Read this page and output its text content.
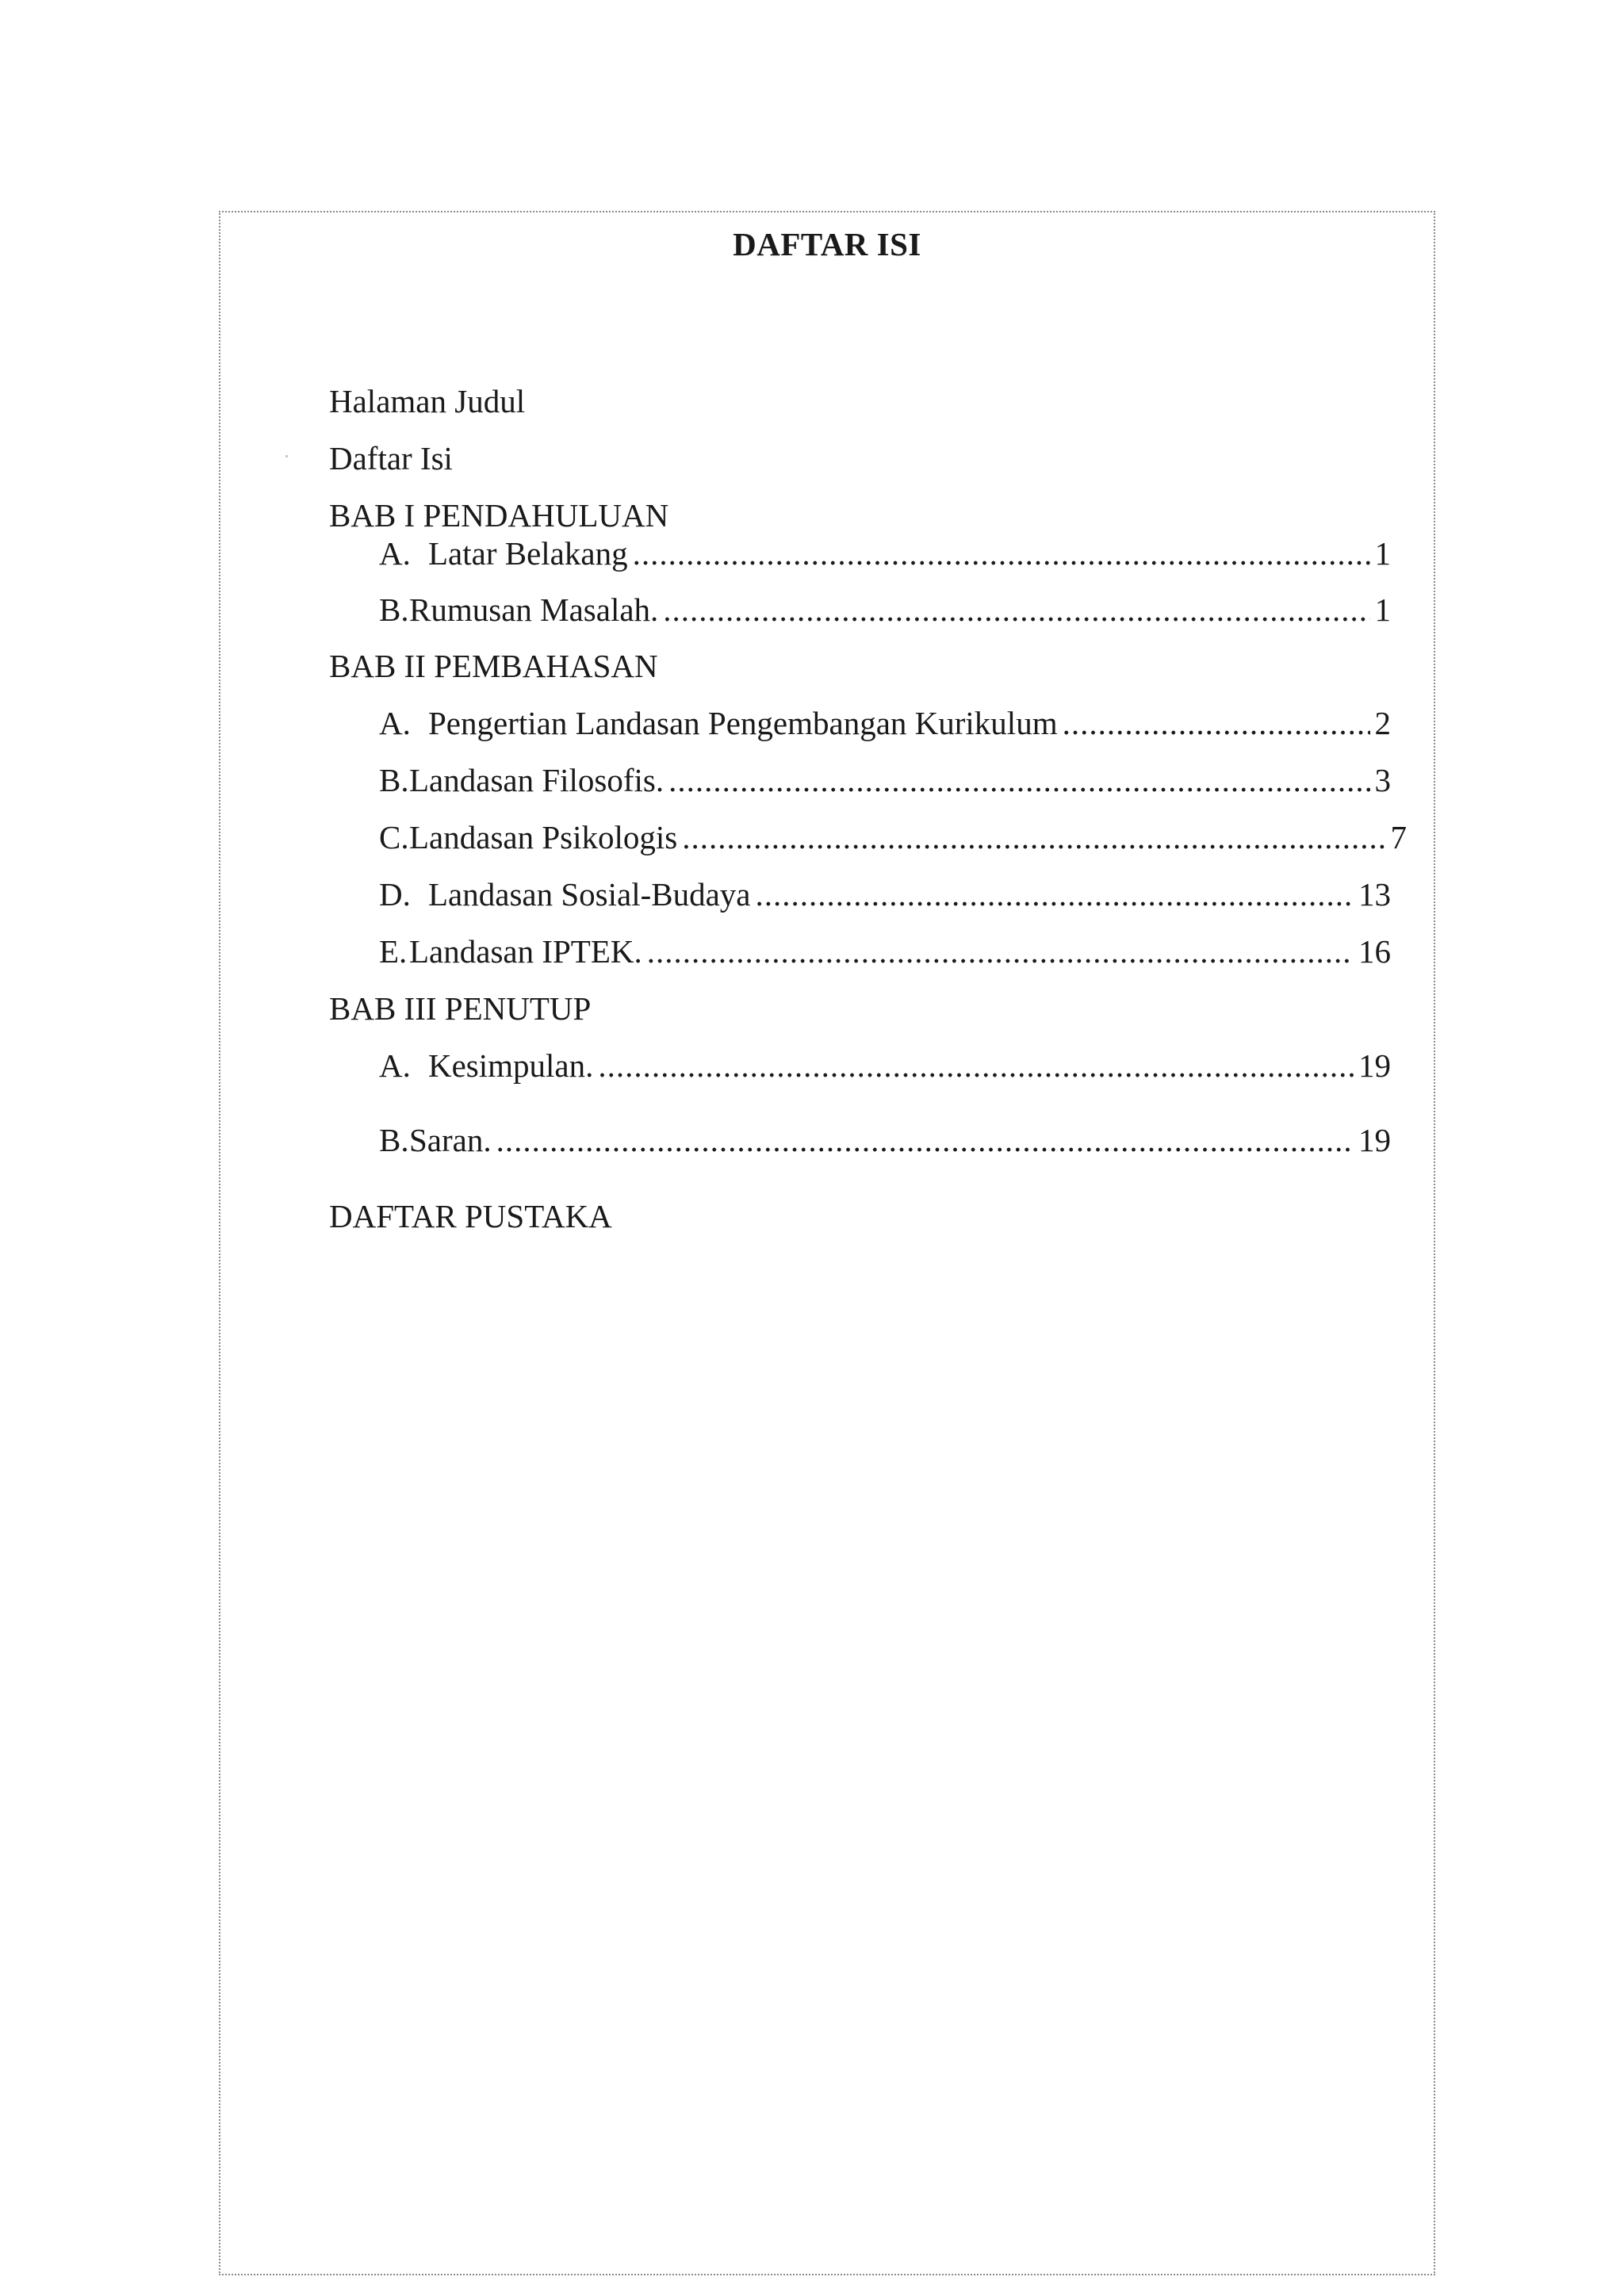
DAFTAR ISI
Halaman Judul
Daftar Isi
BAB I PENDAHULUAN
A. Latar Belakang .....	1
B. Rumusan Masalah. .....	1
BAB II PEMBAHASAN
A. Pengertian Landasan Pengembangan Kurikulum .....	2
B. Landasan Filosofis. .....	3
C. Landasan Psikologis .....	7
D. Landasan Sosial-Budaya .....	13
E. Landasan IPTEK. .....	16
BAB III PENUTUP
A. Kesimpulan. .....	19
B. Saran. .....	19
DAFTAR PUSTAKA
